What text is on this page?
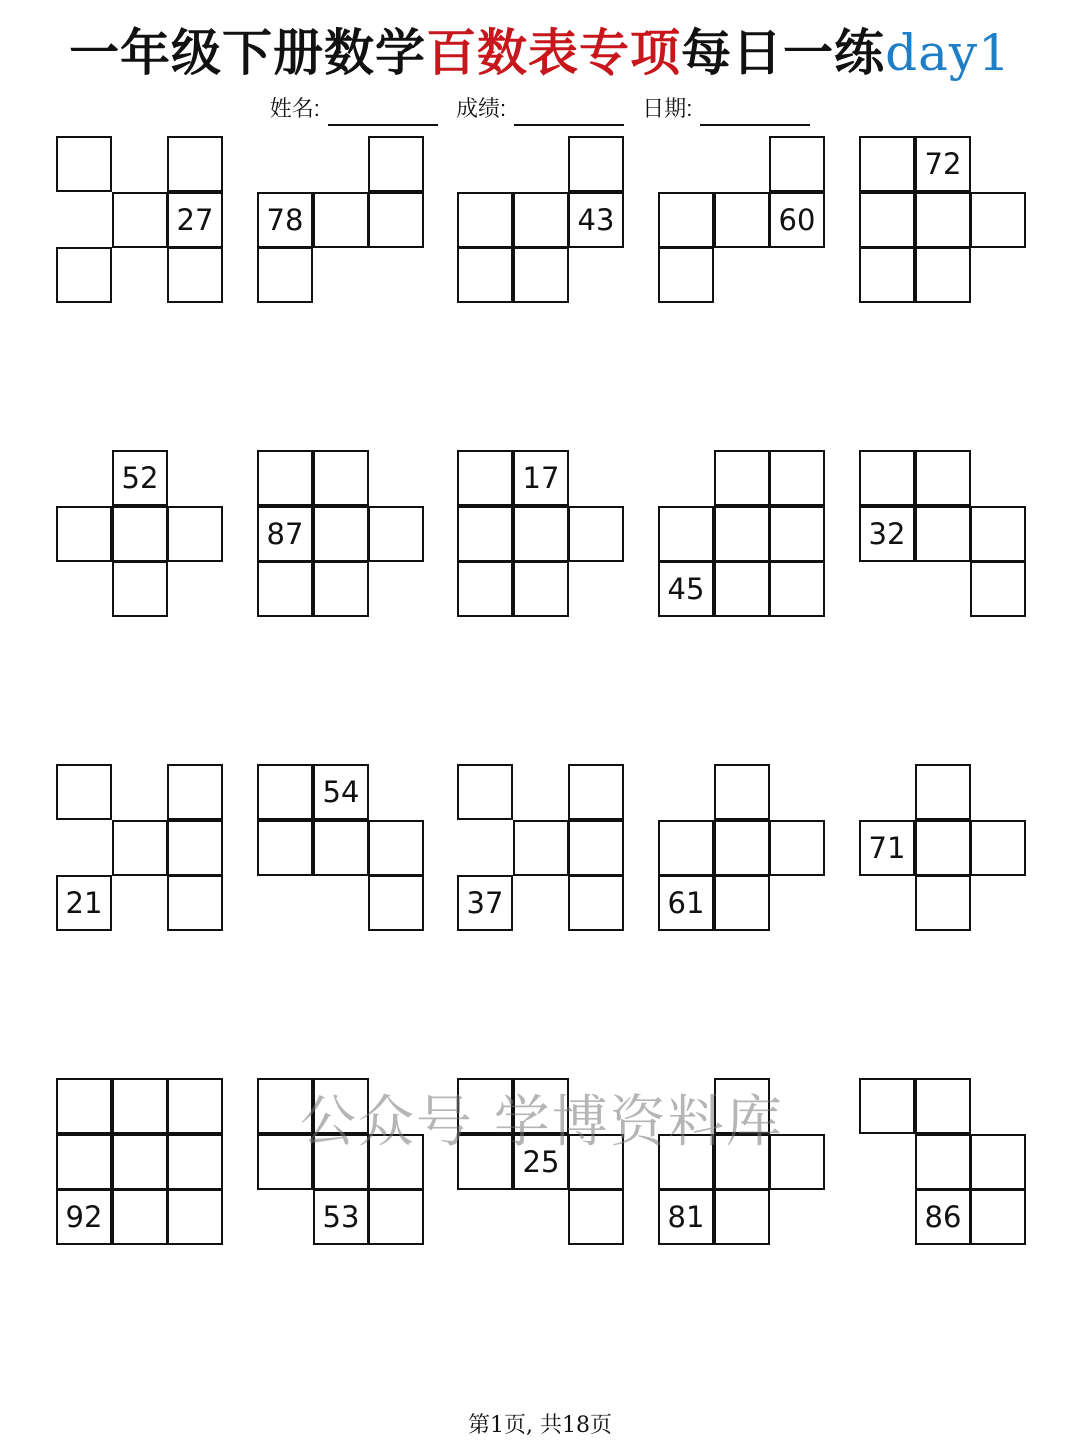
一年级下册数学百数表专项每日一练day1
姓名:	成绩:	日期:
27 78	43	60
72
52
87
17
45
32
21
54
37	61
71
92	53
25
81	86
公众号 学博资料库
第1页, 共18页
